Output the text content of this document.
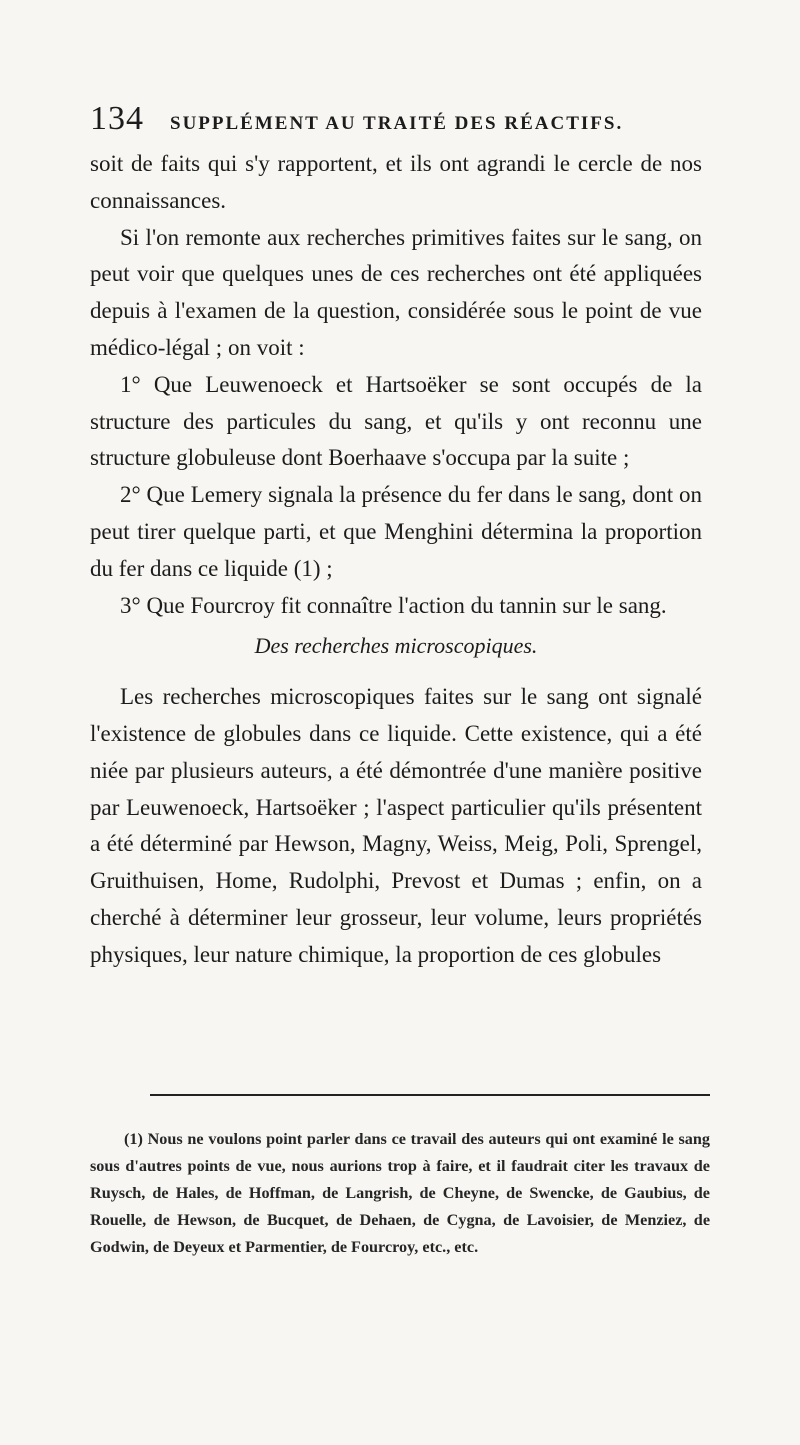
134	SUPPLÉMENT AU TRAITÉ DES RÉACTIFS.

soit de faits qui s'y rapportent, et ils ont agrandi le cercle de nos connaissances.

Si l'on remonte aux recherches primitives faites sur le sang, on peut voir que quelques unes de ces recherches ont été appliquées depuis à l'examen de la question, considérée sous le point de vue médico-légal ; on voit :

1° Que Leuwenoeck et Hartsoëker se sont occupés de la structure des particules du sang, et qu'ils y ont reconnu une structure globuleuse dont Boerhaave s'occupa par la suite ;

2° Que Lemery signala la présence du fer dans le sang, dont on peut tirer quelque parti, et que Menghini détermina la proportion du fer dans ce liquide (1) ;

3° Que Fourcroy fit connaître l'action du tannin sur le sang.

Des recherches microscopiques.

Les recherches microscopiques faites sur le sang ont signalé l'existence de globules dans ce liquide. Cette existence, qui a été niée par plusieurs auteurs, a été démontrée d'une manière positive par Leuwenoeck, Hartsoëker ; l'aspect particulier qu'ils présentent a été déterminé par Hewson, Magny, Weiss, Meig, Poli, Sprengel, Gruithuisen, Home, Rudolphi, Prevost et Dumas ; enfin, on a cherché à déterminer leur grosseur, leur volume, leurs propriétés physiques, leur nature chimique, la proportion de ces globules

(1) Nous ne voulons point parler dans ce travail des auteurs qui ont examiné le sang sous d'autres points de vue, nous aurions trop à faire, et il faudrait citer les travaux de Ruysch, de Hales, de Hoffman, de Langrish, de Cheyne, de Swencke, de Gaubius, de Rouelle, de Hewson, de Bucquet, de Dehaen, de Cygna, de Lavoisier, de Menziez, de Godwin, de Deyeux et Parmentier, de Fourcroy, etc., etc.
